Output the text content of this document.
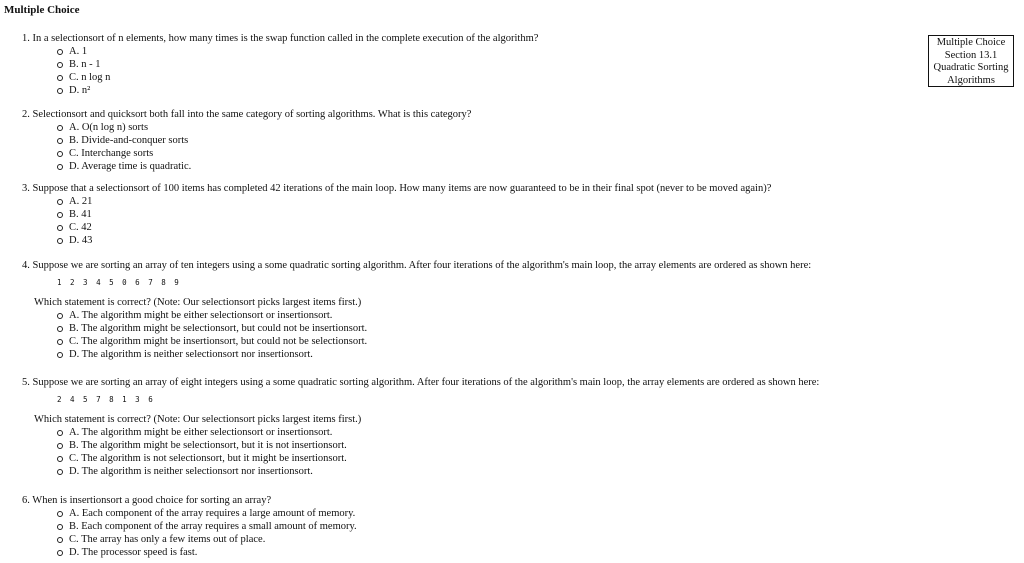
Multiple Choice
Multiple Choice
Section 13.1
Quadratic Sorting
Algorithms
1. In a selectionsort of n elements, how many times is the swap function called in the complete execution of the algorithm?
A. 1
B. n - 1
C. n log n
D. n²
2. Selectionsort and quicksort both fall into the same category of sorting algorithms. What is this category?
A. O(n log n) sorts
B. Divide-and-conquer sorts
C. Interchange sorts
D. Average time is quadratic.
3. Suppose that a selectionsort of 100 items has completed 42 iterations of the main loop. How many items are now guaranteed to be in their final spot (never to be moved again)?
A. 21
B. 41
C. 42
D. 43
4. Suppose we are sorting an array of ten integers using a some quadratic sorting algorithm. After four iterations of the algorithm's main loop, the array elements are ordered as shown here:
1 2 3 4 5 0 6 7 8 9
Which statement is correct? (Note: Our selectionsort picks largest items first.)
A. The algorithm might be either selectionsort or insertionsort.
B. The algorithm might be selectionsort, but could not be insertionsort.
C. The algorithm might be insertionsort, but could not be selectionsort.
D. The algorithm is neither selectionsort nor insertionsort.
5. Suppose we are sorting an array of eight integers using a some quadratic sorting algorithm. After four iterations of the algorithm's main loop, the array elements are ordered as shown here:
2 4 5 7 8 1 3 6
Which statement is correct? (Note: Our selectionsort picks largest items first.)
A. The algorithm might be either selectionsort or insertionsort.
B. The algorithm might be selectionsort, but it is not insertionsort.
C. The algorithm is not selectionsort, but it might be insertionsort.
D. The algorithm is neither selectionsort nor insertionsort.
6. When is insertionsort a good choice for sorting an array?
A. Each component of the array requires a large amount of memory.
B. Each component of the array requires a small amount of memory.
C. The array has only a few items out of place.
D. The processor speed is fast.
